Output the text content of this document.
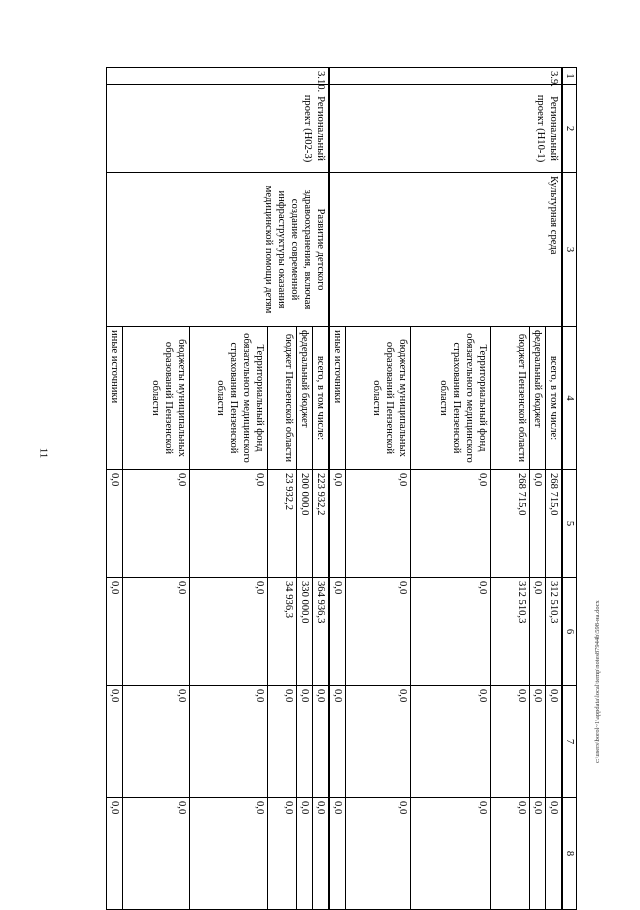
11
c:\users\borol~1\appdata\local\temp\notes87944b\598-на.docx
1	2	3	4	5	6	7	8
3.9.	Региональный проект (Н10-1)	Культурная среда	всего, в том числе:	268 715,0	312 510,3	0,0	0,0
			федеральный бюджет	0,0	0,0	0,0	0,0
			бюджет Пензенской области	268 715,0	312 510,3	0,0	0,0
			Территориальный фонд обязательного медицинского страхования Пензенской области	0,0	0,0	0,0	0,0
			бюджеты муниципальных образований Пензенской области	0,0	0,0	0,0	0,0
			иные источники	0,0	0,0	0,0	0,0
3.10.	Региональный проект (Н02-3)	Развитие детского здравоохранения, включая создание современной инфраструктуры оказания медицинской помощи детям	всего, в том числе:	223 932,2	364 936,3	0,0	0,0
			федеральный бюджет	200 000,0	330 000,0	0,0	0,0
			бюджет Пензенской области	23 932,2	34 936,3	0,0	0,0
			Территориальный фонд обязательного медицинского страхования Пензенской области	0,0	0,0	0,0	0,0
			бюджеты муниципальных образований Пензенской области	0,0	0,0	0,0	0,0
			иные источники	0,0	0,0	0,0	0,0
